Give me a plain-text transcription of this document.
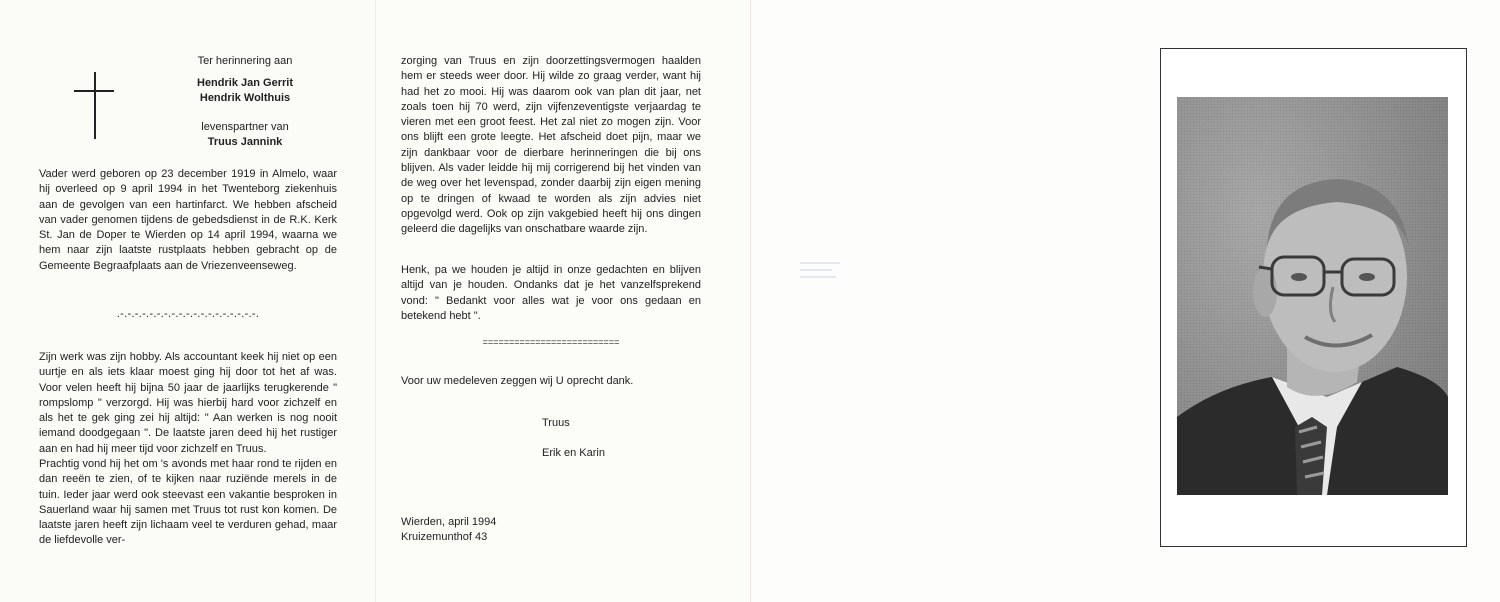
Ter herinnering aan
Hendrik Jan Gerrit
Hendrik Wolthuis
levenspartner van
Truus Jannink
Vader werd geboren op 23 december 1919 in Almelo, waar hij overleed op 9 april 1994 in het Twenteborg ziekenhuis aan de gevolgen van een hartinfarct. We hebben afscheid van vader genomen tijdens de gebedsdienst in de R.K. Kerk St. Jan de Doper te Wierden op 14 april 1994, waarna we hem naar zijn laatste rustplaats hebben gebracht op de Gemeente Begraafplaats aan de Vriezenveenseweg.
.-.-.-.-.-.-.-.-.-.-.-.-.-.-.-.-.-.-.-.
Zijn werk was zijn hobby. Als accountant keek hij niet op een uurtje en als iets klaar moest ging hij door tot het af was. Voor velen heeft hij bijna 50 jaar de jaarlijks terugkerende " rompslomp " verzorgd. Hij was hierbij hard voor zichzelf en als het te gek ging zei hij altijd: " Aan werken is nog nooit iemand doodgegaan ". De laatste jaren deed hij het rustiger aan en had hij meer tijd voor zichzelf en Truus.
Prachtig vond hij het om 's avonds met haar rond te rijden en dan reeën te zien, of te kijken naar ruziënde merels in de tuin. Ieder jaar werd ook steevast een vakantie besproken in Sauerland waar hij samen met Truus tot rust kon komen. De laatste jaren heeft zijn lichaam veel te verduren gehad, maar de liefdevolle ver-
zorging van Truus en zijn doorzettingsvermogen haalden hem er steeds weer door. Hij wilde zo graag verder, want hij had het zo mooi. Hij was daarom ook van plan dit jaar, net zoals toen hij 70 werd, zijn vijfenzeventigste verjaardag te vieren met een groot feest. Het zal niet zo mogen zijn. Voor ons blijft een grote leegte. Het afscheid doet pijn, maar we zijn dankbaar voor de dierbare herinneringen die bij ons blijven. Als vader leidde hij mij corrigerend bij het vinden van de weg over het levenspad, zonder daarbij zijn eigen mening op te dringen of kwaad te worden als zijn advies niet opgevolgd werd. Ook op zijn vakgebied heeft hij ons dingen geleerd die dagelijks van onschatbare waarde zijn.
Henk, pa we houden je altijd in onze gedachten en blijven altijd van je houden. Ondanks dat je het vanzelfsprekend vond: " Bedankt voor alles wat je voor ons gedaan en betekend hebt ".
==========================
Voor uw medeleven zeggen wij U oprecht dank.
Truus
Erik en Karin
Wierden, april 1994
Kruizemunthof 43
